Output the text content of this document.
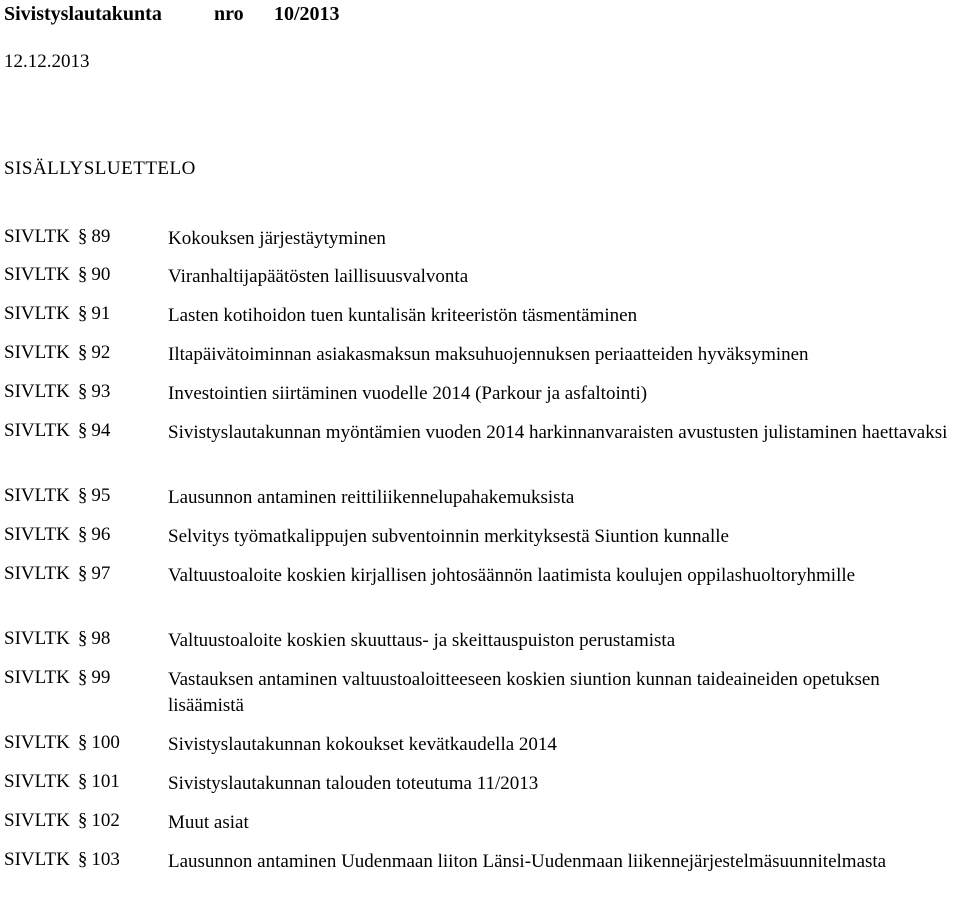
Sivistyslautakunta	nro 10/2013
12.12.2013
SISÄLLYSLUETTELO
SIVLTK § 89	Kokouksen järjestäytyminen
SIVLTK § 90	Viranhaltijapäätösten laillisuusvalvonta
SIVLTK § 91	Lasten kotihoidon tuen kuntalisän kriteeristön täsmentäminen
SIVLTK § 92	Iltapäivätoiminnan asiakasmaksun maksuhuojennuksen periaatteiden hyväksyminen
SIVLTK § 93	Investointien siirtäminen vuodelle 2014 (Parkour ja asfaltointi)
SIVLTK § 94	Sivistyslautakunnan myöntämien vuoden 2014 harkinnanvaraisten avustusten julistaminen haettavaksi
SIVLTK § 95	Lausunnon antaminen reittiliikennelupahakemuksista
SIVLTK § 96	Selvitys työmatkalippujen subventoinnin merkityksestä Siuntion kunnalle
SIVLTK § 97	Valtuustoaloite koskien kirjallisen johtosäännön laatimista koulujen oppilashuoltoryhmille
SIVLTK § 98	Valtuustoaloite koskien skuuttaus- ja skeittauspuiston perustamista
SIVLTK § 99	Vastauksen antaminen valtuustoaloitteeseen koskien siuntion kunnan taideaineiden opetuksen lisäämistä
SIVLTK § 100	Sivistyslautakunnan kokoukset kevätkaudella 2014
SIVLTK § 101	Sivistyslautakunnan talouden toteutuma 11/2013
SIVLTK § 102	Muut asiat
SIVLTK § 103	Lausunnon antaminen Uudenmaan liiton Länsi-Uudenmaan liikennejärjestelmäsuunnitelmasta
